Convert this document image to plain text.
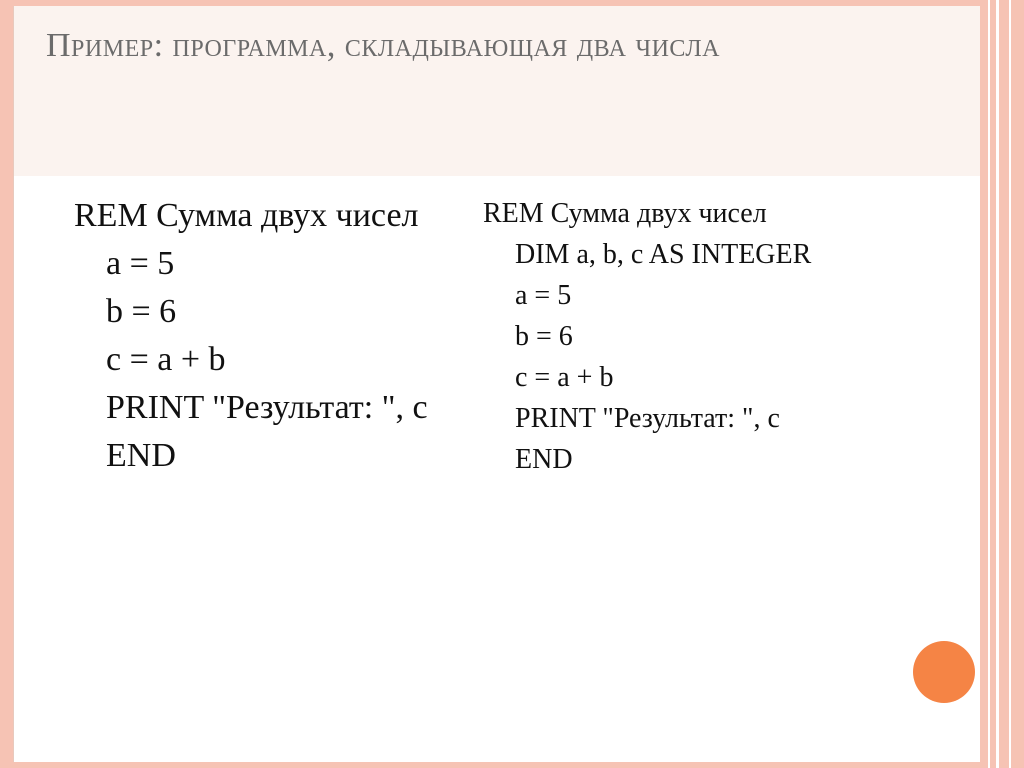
Пример: программа, складывающая два числа
REM Сумма двух чисел
a = 5
b = 6
c = a + b
PRINT "Результат: ", c
END
REM Сумма двух чисел
DIM a, b, c AS INTEGER
a = 5
b = 6
c = a + b
PRINT "Результат: ", c
END
